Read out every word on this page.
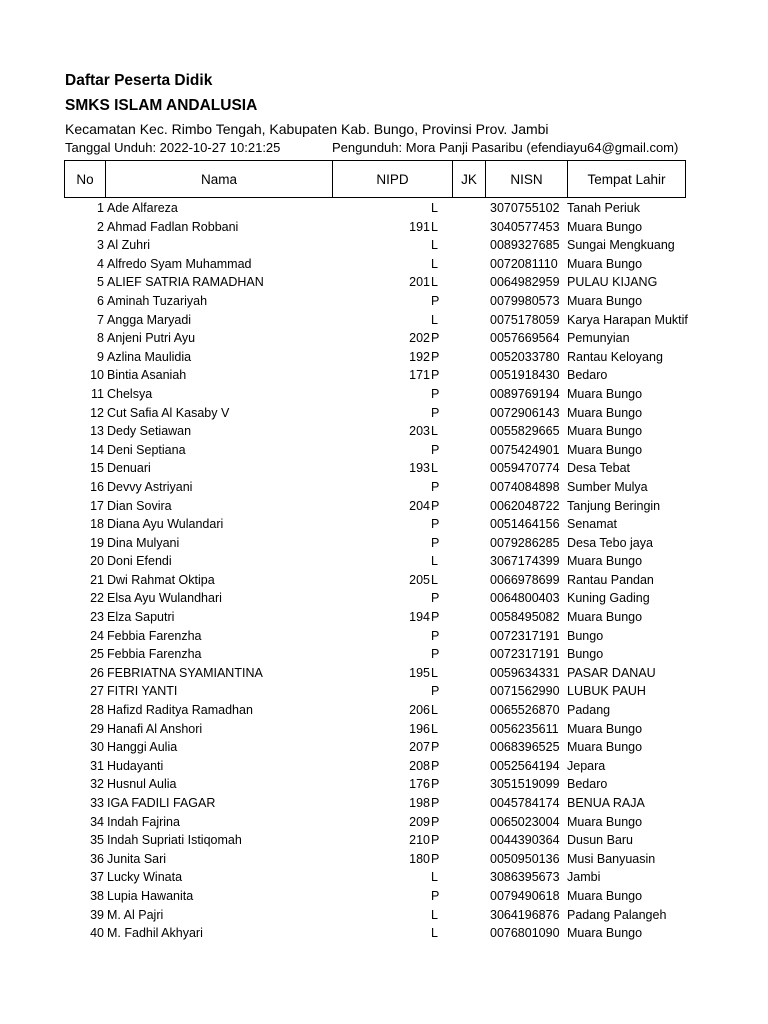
Daftar Peserta Didik
SMKS ISLAM ANDALUSIA
Kecamatan Kec. Rimbo Tengah, Kabupaten Kab. Bungo, Provinsi Prov. Jambi
Tanggal Unduh: 2022-10-27 10:21:25	Pengunduh: Mora Panji Pasaribu (efendiayu64@gmail.com)
No	Nama	NIPD	JK	NISN	Tempat Lahir
1 Ade Alfareza	L	3070755102 Tanah Periuk
2 Ahmad Fadlan Robbani	191 L	3040577453 Muara Bungo
3 Al Zuhri	L	0089327685 Sungai Mengkuang
4 Alfredo Syam Muhammad	L	0072081110 Muara Bungo
5 ALIEF SATRIA RAMADHAN	201 L	0064982959 PULAU KIJANG
6 Aminah Tuzariyah	P	0079980573 Muara Bungo
7 Angga Maryadi	L	0075178059 Karya Harapan Muktif
8 Anjeni Putri Ayu	202 P	0057669564 Pemunyian
9 Azlina Maulidia	192 P	0052033780 Rantau Keloyang
10 Bintia Asaniah	171 P	0051918430 Bedaro
11 Chelsya	P	0089769194 Muara Bungo
12 Cut Safia Al Kasaby V	P	0072906143 Muara Bungo
13 Dedy Setiawan	203 L	0055829665 Muara Bungo
14 Deni Septiana	P	0075424901 Muara Bungo
15 Denuari	193 L	0059470774 Desa Tebat
16 Devvy Astriyani	P	0074084898 Sumber Mulya
17 Dian Sovira	204 P	0062048722 Tanjung Beringin
18 Diana Ayu Wulandari	P	0051464156 Senamat
19 Dina Mulyani	P	0079286285 Desa Tebo jaya
20 Doni Efendi	L	3067174399 Muara Bungo
21 Dwi Rahmat Oktipa	205 L	0066978699 Rantau Pandan
22 Elsa Ayu Wulandhari	P	0064800403 Kuning Gading
23 Elza Saputri	194 P	0058495082 Muara Bungo
24 Febbia Farenzha	P	0072317191 Bungo
25 Febbia Farenzha	P	0072317191 Bungo
26 FEBRIATNA SYAMIANTINA	195 L	0059634331 PASAR DANAU
27 FITRI YANTI	P	0071562990 LUBUK PAUH
28 Hafizd Raditya Ramadhan	206 L	0065526870 Padang
29 Hanafi Al Anshori	196 L	0056235611 Muara Bungo
30 Hanggi Aulia	207 P	0068396525 Muara Bungo
31 Hudayanti	208 P	0052564194 Jepara
32 Husnul Aulia	176 P	3051519099 Bedaro
33 IGA FADILI FAGAR	198 P	0045784174 BENUA RAJA
34 Indah Fajrina	209 P	0065023004 Muara Bungo
35 Indah Supriati Istiqomah	210 P	0044390364 Dusun Baru
36 Junita Sari	180 P	0050950136 Musi Banyuasin
37 Lucky Winata	L	3086395673 Jambi
38 Lupia Hawanita	P	0079490618 Muara Bungo
39 M. Al Pajri	L	3064196876 Padang Palangeh
40 M. Fadhil Akhyari	L	0076801090 Muara Bungo
